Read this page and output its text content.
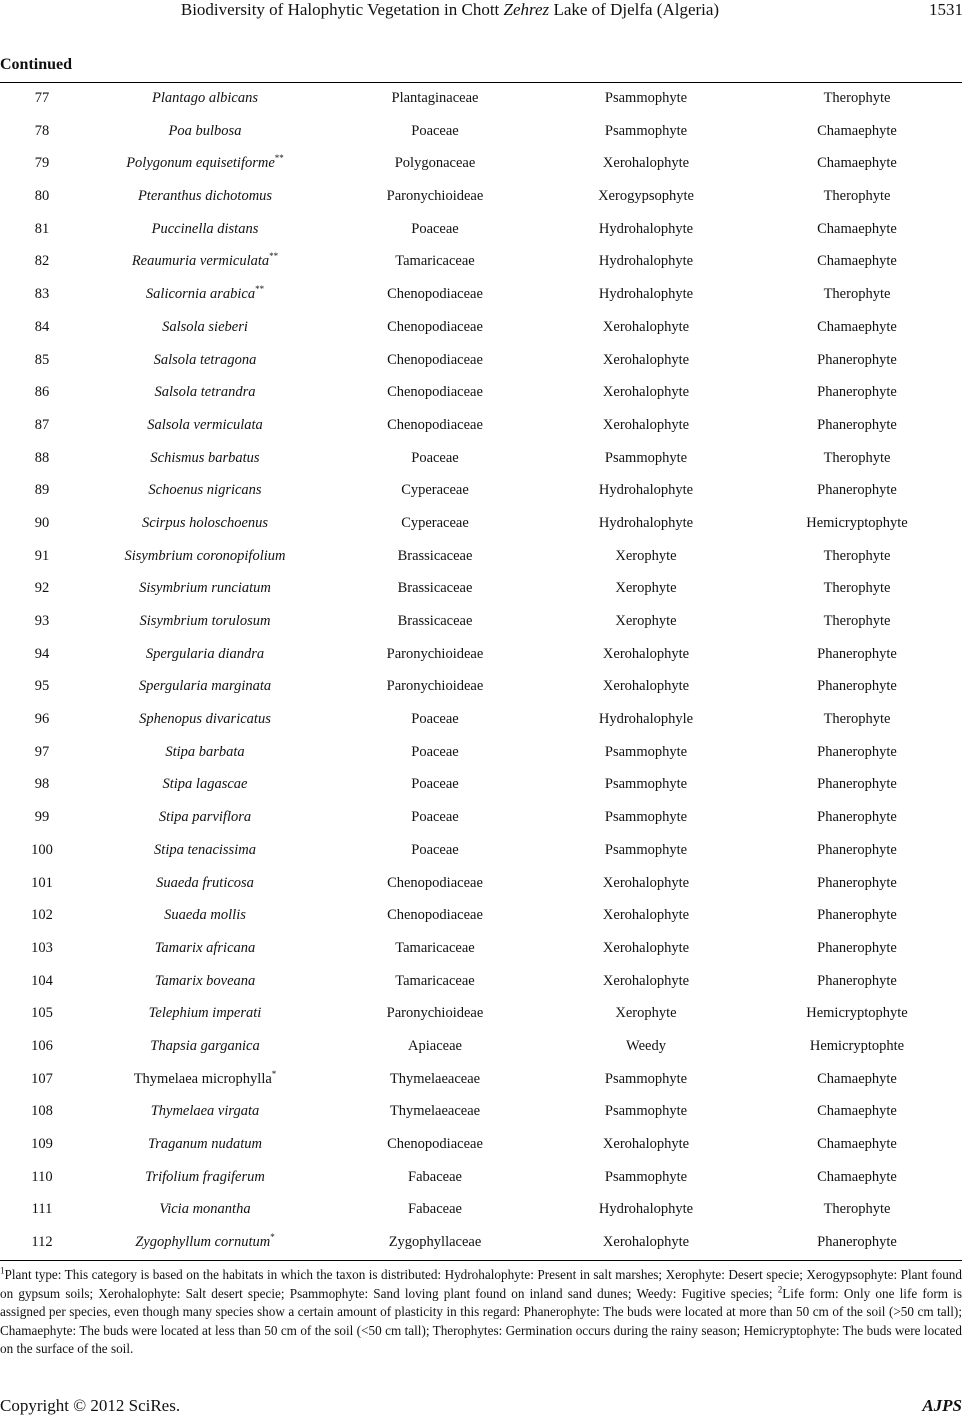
Biodiversity of Halophytic Vegetation in Chott Zehrez Lake of Djelfa (Algeria)	1531
Continued
77	Plantago albicans	Plantaginaceae	Psammophyte	Therophyte
78	Poa bulbosa	Poaceae	Psammophyte	Chamaephyte
79	Polygonum equisetiforme**	Polygonaceae	Xerohalophyte	Chamaephyte
80	Pteranthus dichotomus	Paronychioideae	Xerogypsophyte	Therophyte
81	Puccinella distans	Poaceae	Hydrohalophyte	Chamaephyte
82	Reaumuria vermiculata**	Tamaricaceae	Hydrohalophyte	Chamaephyte
83	Salicornia arabica**	Chenopodiaceae	Hydrohalophyte	Therophyte
84	Salsola sieberi	Chenopodiaceae	Xerohalophyte	Chamaephyte
85	Salsola tetragona	Chenopodiaceae	Xerohalophyte	Phanerophyte
86	Salsola tetrandra	Chenopodiaceae	Xerohalophyte	Phanerophyte
87	Salsola vermiculata	Chenopodiaceae	Xerohalophyte	Phanerophyte
88	Schismus barbatus	Poaceae	Psammophyte	Therophyte
89	Schoenus nigricans	Cyperaceae	Hydrohalophyte	Phanerophyte
90	Scirpus holoschoenus	Cyperaceae	Hydrohalophyte	Hemicryptophyte
91	Sisymbrium coronopifolium	Brassicaceae	Xerophyte	Therophyte
92	Sisymbrium runciatum	Brassicaceae	Xerophyte	Therophyte
93	Sisymbrium torulosum	Brassicaceae	Xerophyte	Therophyte
94	Spergularia diandra	Paronychioideae	Xerohalophyte	Phanerophyte
95	Spergularia marginata	Paronychioideae	Xerohalophyte	Phanerophyte
96	Sphenopus divaricatus	Poaceae	Hydrohalophyle	Therophyte
97	Stipa barbata	Poaceae	Psammophyte	Phanerophyte
98	Stipa lagascae	Poaceae	Psammophyte	Phanerophyte
99	Stipa parviflora	Poaceae	Psammophyte	Phanerophyte
100	Stipa tenacissima	Poaceae	Psammophyte	Phanerophyte
101	Suaeda fruticosa	Chenopodiaceae	Xerohalophyte	Phanerophyte
102	Suaeda mollis	Chenopodiaceae	Xerohalophyte	Phanerophyte
103	Tamarix africana	Tamaricaceae	Xerohalophyte	Phanerophyte
104	Tamarix boveana	Tamaricaceae	Xerohalophyte	Phanerophyte
105	Telephium imperati	Paronychioideae	Xerophyte	Hemicryptophyte
106	Thapsia garganica	Apiaceae	Weedy	Hemicryptophte
107	Thymelaea microphylla*	Thymelaeaceae	Psammophyte	Chamaephyte
108	Thymelaea virgata	Thymelaeaceae	Psammophyte	Chamaephyte
109	Traganum nudatum	Chenopodiaceae	Xerohalophyte	Chamaephyte
110	Trifolium fragiferum	Fabaceae	Psammophyte	Chamaephyte
111	Vicia monantha	Fabaceae	Hydrohalophyte	Therophyte
112	Zygophyllum cornutum*	Zygophyllaceae	Xerohalophyte	Phanerophyte
$^1$Plant type: This category is based on the habitats in which the taxon is distributed: Hydrohalophyte: Present in salt marshes; Xerophyte: Desert specie; Xerogypsophyte: Plant found on gypsum soils; Xerohalophyte: Salt desert specie; Psammophyte: Sand loving plant found on inland sand dunes; Weedy: Fugitive species; $^2$Life form: Only one life form is assigned per species, even though many species show a certain amount of plasticity in this regard: Phanerophyte: The buds were located at more than 50 cm of the soil (>50 cm tall); Chamaephyte: The buds were located at less than 50 cm of the soil (<50 cm tall); Therophytes: Germination occurs during the rainy season; Hemicryptophyte: The buds were located on the surface of the soil.
Copyright © 2012 SciRes.	AJPS
